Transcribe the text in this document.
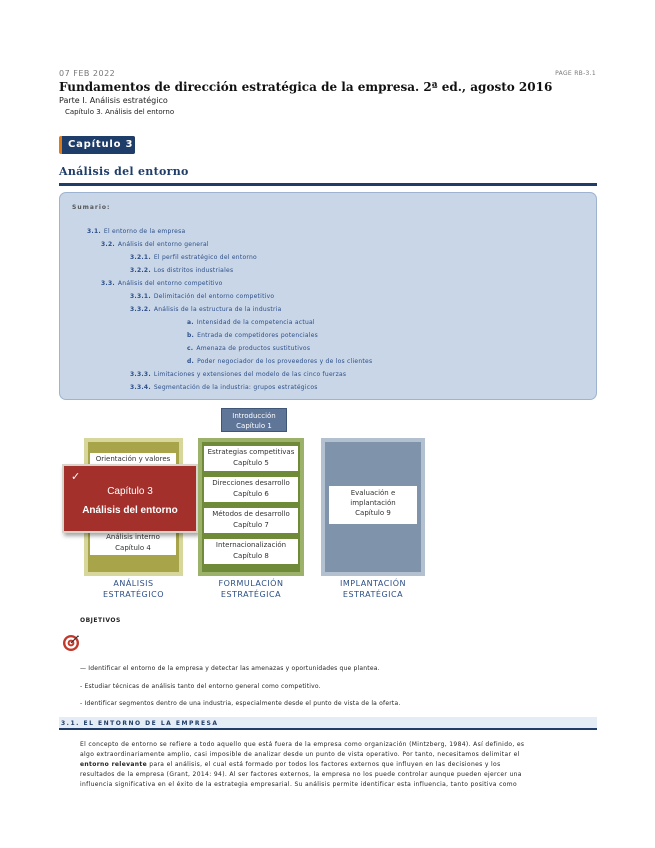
07 FEB 2022	PAGE RB-3.1
Fundamentos de dirección estratégica de la empresa. 2ª ed., agosto 2016
Parte I. Análisis estratégico
Capítulo 3. Análisis del entorno
Capítulo 3
Análisis del entorno
Sumario:
3.1. El entorno de la empresa
3.2. Análisis del entorno general
3.2.1. El perfil estratégico del entorno
3.2.2. Los distritos industriales
3.3. Análisis del entorno competitivo
3.3.1. Delimitación del entorno competitivo
3.3.2. Análisis de la estructura de la industria
a. Intensidad de la competencia actual
b. Entrada de competidores potenciales
c. Amenaza de productos sustitutivos
d. Poder negociador de los proveedores y de los clientes
3.3.3. Limitaciones y extensiones del modelo de las cinco fuerzas
3.3.4. Segmentación de la industria: grupos estratégicos
Introducción
Capítulo 1
Orientación y valores
Análisis interno
Capítulo 4
✓
Capítulo 3
Análisis del entorno
ANÁLISIS
ESTRATÉGICO
Estrategias competitivas
Capítulo 5
Direcciones desarrollo
Capítulo 6
Métodos de desarrollo
Capítulo 7
Internacionalización
Capítulo 8
FORMULACIÓN
ESTRATÉGICA
Evaluación e
implantación
Capítulo 9
IMPLANTACIÓN
ESTRATÉGICA
OBJETIVOS
— Identificar el entorno de la empresa y detectar las amenazas y oportunidades que plantea.
- Estudiar técnicas de análisis tanto del entorno general como competitivo.
- Identificar segmentos dentro de una industria, especialmente desde el punto de vista de la oferta.
3.1. EL ENTORNO DE LA EMPRESA
El concepto de entorno se refiere a todo aquello que está fuera de la empresa como organización (Mintzberg, 1984). Así definido, es
algo extraordinariamente amplio, casi imposible de analizar desde un punto de vista operativo. Por tanto, necesitamos delimitar el
entorno relevante para el análisis, el cual está formado por todos los factores externos que influyen en las decisiones y los
resultados de la empresa (Grant, 2014: 94). Al ser factores externos, la empresa no los puede controlar aunque pueden ejercer una
influencia significativa en el éxito de la estrategia empresarial. Su análisis permite identificar esta influencia, tanto positiva como
